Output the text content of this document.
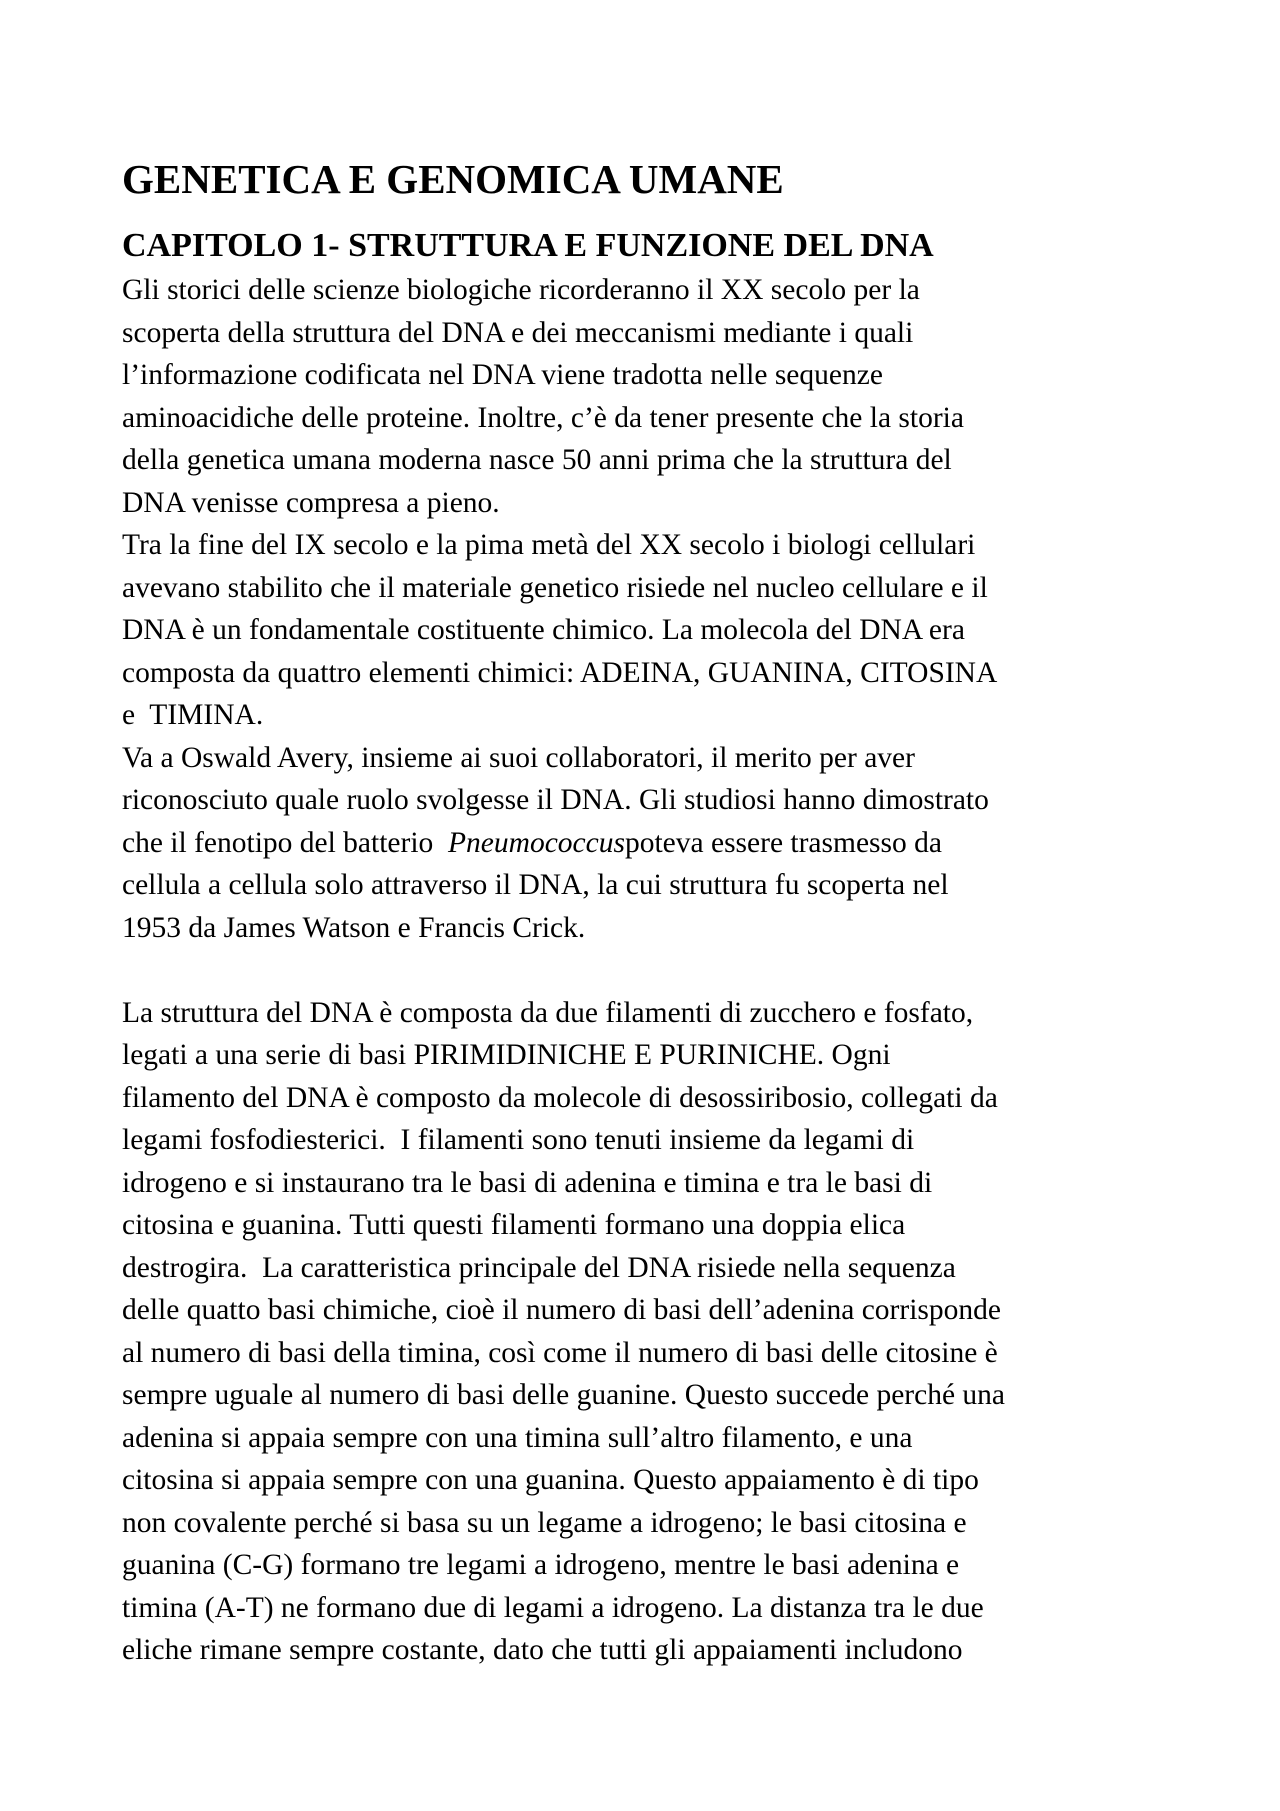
GENETICA E GENOMICA UMANE
CAPITOLO 1- STRUTTURA E FUNZIONE DEL DNA

Gli storici delle scienze biologiche ricorderanno il XX secolo per la
scoperta della struttura del DNA e dei meccanismi mediante i quali
l’informazione codificata nel DNA viene tradotta nelle sequenze
aminoacidiche delle proteine. Inoltre, c’è da tener presente che la storia
della genetica umana moderna nasce 50 anni prima che la struttura del
DNA venisse compresa a pieno.

Tra la fine del IX secolo e la pima metà del XX secolo i biologi cellulari
avevano stabilito che il materiale genetico risiede nel nucleo cellulare e il
DNA è un fondamentale costituente chimico. La molecola del DNA era
composta da quattro elementi chimici: ADEINA, GUANINA, CITOSINA
e  TIMINA.

Va a Oswald Avery, insieme ai suoi collaboratori, il merito per aver
riconosciuto quale ruolo svolgesse il DNA. Gli studiosi hanno dimostrato
che il fenotipo del batterio  Pneumococcuspoteva essere trasmesso da
cellula a cellula solo attraverso il DNA, la cui struttura fu scoperta nel
1953 da James Watson e Francis Crick.

La struttura del DNA è composta da due filamenti di zucchero e fosfato,
legati a una serie di basi PIRIMIDINICHE E PURINICHE. Ogni
filamento del DNA è composto da molecole di desossiribosio, collegati da
legami fosfodiesterici.  I filamenti sono tenuti insieme da legami di
idrogeno e si instaurano tra le basi di adenina e timina e tra le basi di
citosina e guanina. Tutti questi filamenti formano una doppia elica
destrogira.  La caratteristica principale del DNA risiede nella sequenza
delle quatto basi chimiche, cioè il numero di basi dell’adenina corrisponde
al numero di basi della timina, così come il numero di basi delle citosine è
sempre uguale al numero di basi delle guanine. Questo succede perché una
adenina si appaia sempre con una timina sull’altro filamento, e una
citosina si appaia sempre con una guanina. Questo appaiamento è di tipo
non covalente perché si basa su un legame a idrogeno; le basi citosina e
guanina (C-G) formano tre legami a idrogeno, mentre le basi adenina e
timina (A-T) ne formano due di legami a idrogeno. La distanza tra le due
eliche rimane sempre costante, dato che tutti gli appaiamenti includono
